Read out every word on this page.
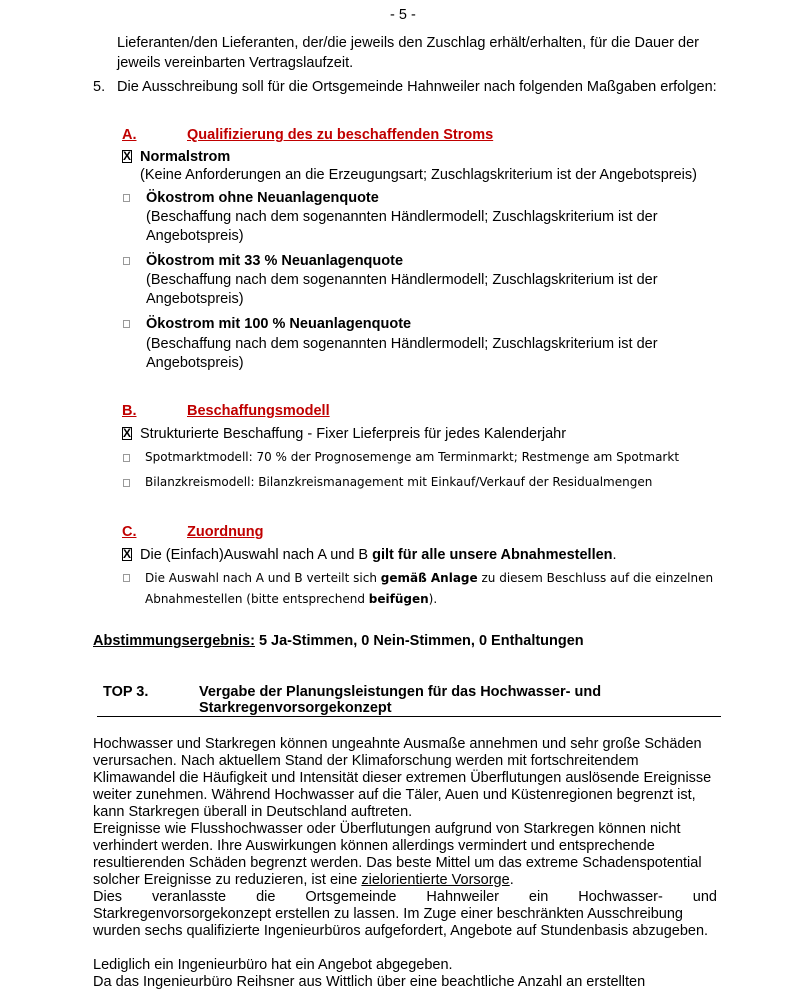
- 5 -
Lieferanten/den Lieferanten, der/die jeweils den Zuschlag erhält/erhalten, für die Dauer der
jeweils vereinbarten Vertragslaufzeit.
5. Die Ausschreibung soll für die Ortsgemeinde Hahnweiler nach folgenden Maßgaben erfolgen:
A.	Qualifizierung des zu beschaffenden Stroms
X
Normalstrom
(Keine Anforderungen an die Erzeugungsart; Zuschlagskriterium ist der Angebotspreis)
Ökostrom ohne Neuanlagenquote
(Beschaffung nach dem sogenannten Händlermodell; Zuschlagskriterium ist der
Angebotspreis)
Ökostrom mit 33 % Neuanlagenquote
(Beschaffung nach dem sogenannten Händlermodell; Zuschlagskriterium ist der
Angebotspreis)
Ökostrom mit 100 % Neuanlagenquote
(Beschaffung nach dem sogenannten Händlermodell; Zuschlagskriterium ist der
Angebotspreis)
B.	Beschaffungsmodell
X
Strukturierte Beschaffung - Fixer Lieferpreis für jedes Kalenderjahr
Spotmarktmodell: 70 % der Prognosemenge am Terminmarkt; Restmenge am Spotmarkt
Bilanzkreismodell: Bilanzkreismanagement mit Einkauf/Verkauf der Residualmengen
C.	Zuordnung
X
Die (Einfach)Auswahl nach A und B gilt für alle unsere Abnahmestellen.
Die Auswahl nach A und B verteilt sich gemäß Anlage zu diesem Beschluss auf die einzelnen
Abnahmestellen (bitte entsprechend beifügen).
Abstimmungsergebnis: 5 Ja-Stimmen, 0 Nein-Stimmen, 0 Enthaltungen
TOP 3.	Vergabe der Planungsleistungen für das Hochwasser- und
Starkregenvorsorgekonzept
Hochwasser und Starkregen können ungeahnte Ausmaße annehmen und sehr große Schäden
verursachen. Nach aktuellem Stand der Klimaforschung werden mit fortschreitendem
Klimawandel die Häufigkeit und Intensität dieser extremen Überflutungen auslösende Ereignisse
weiter zunehmen. Während Hochwasser auf die Täler, Auen und Küstenregionen begrenzt ist,
kann Starkregen überall in Deutschland auftreten.
Ereignisse wie Flusshochwasser oder Überflutungen aufgrund von Starkregen können nicht
verhindert werden. Ihre Auswirkungen können allerdings vermindert und entsprechende
resultierenden Schäden begrenzt werden. Das beste Mittel um das extreme Schadenspotential
solcher Ereignisse zu reduzieren, ist eine zielorientierte Vorsorge.
Dies veranlasste die Ortsgemeinde Hahnweiler ein Hochwasser- und
Starkregenvorsorgekonzept erstellen zu lassen. Im Zuge einer beschränkten Ausschreibung
wurden sechs qualifizierte Ingenieurbüros aufgefordert, Angebote auf Stundenbasis abzugeben.
Lediglich ein Ingenieurbüro hat ein Angebot abgegeben.
Da das Ingenieurbüro Reihsner aus Wittlich über eine beachtliche Anzahl an erstellten
